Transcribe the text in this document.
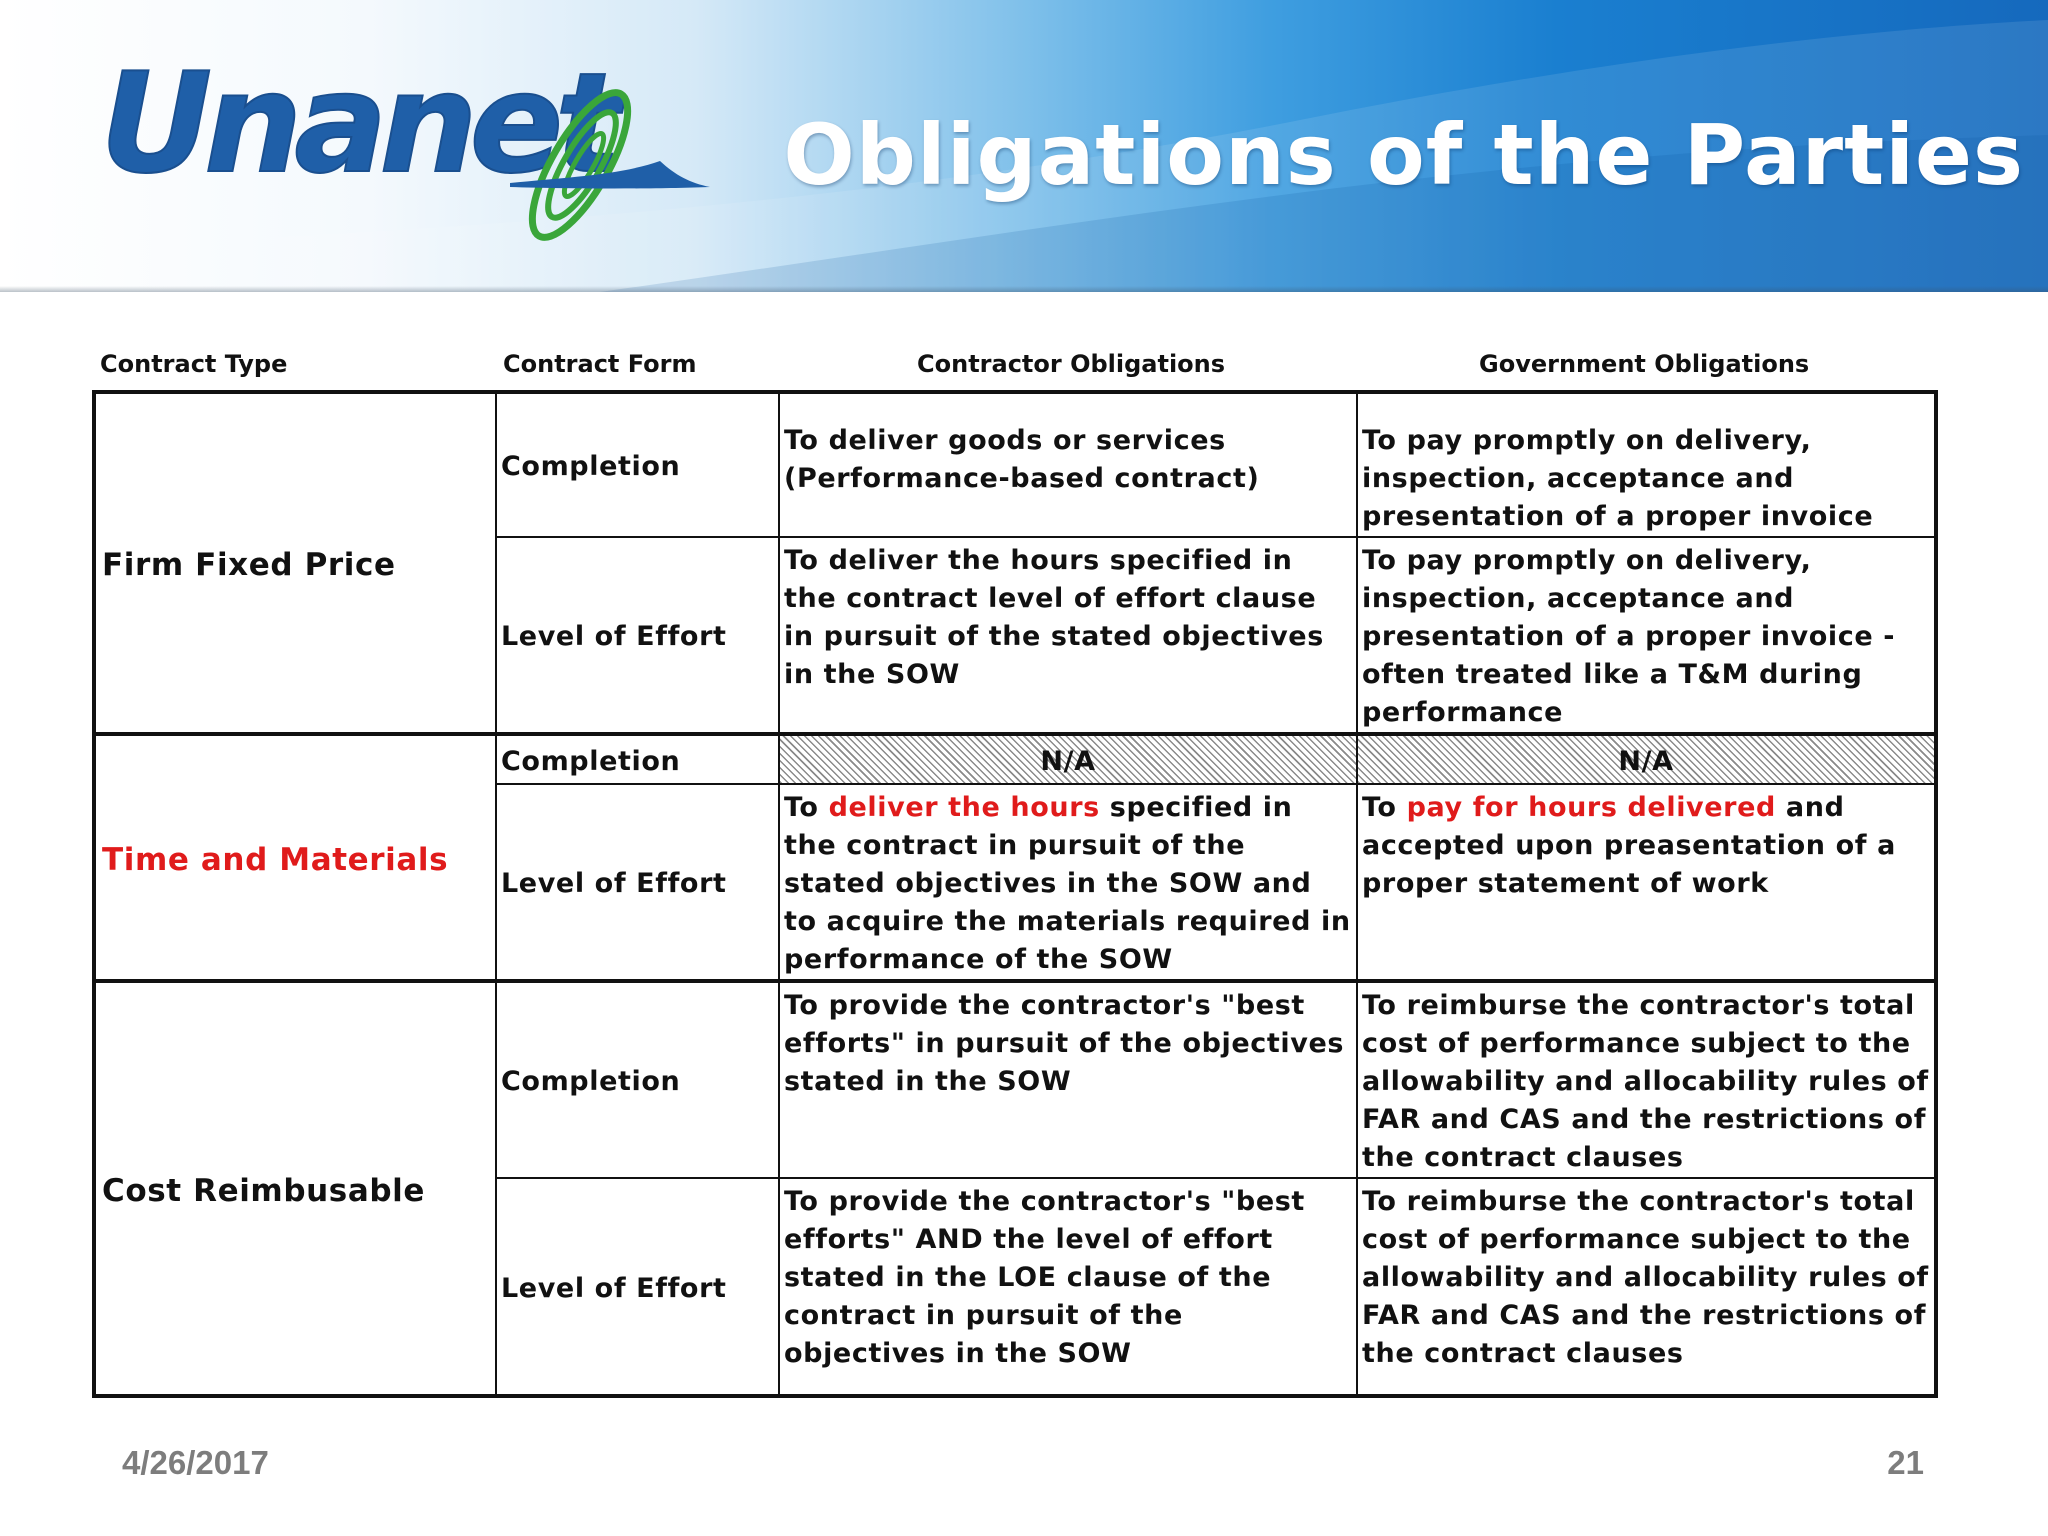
Unanet Obligations of the Parties
Contract Type	Contract Form	Contractor Obligations	Government Obligations
Firm Fixed Price	Completion	To deliver goods or services (Performance-based contract)	To pay promptly on delivery, inspection, acceptance and presentation of a proper invoice
	Level of Effort	To deliver the hours specified in the contract level of effort clause in pursuit of the stated objectives in the SOW	To pay promptly on delivery, inspection, acceptance and presentation of a proper invoice - often treated like a T&M during performance
Time and Materials	Completion	N/A	N/A
	Level of Effort	To deliver the hours specified in the contract in pursuit of the stated objectives in the SOW and to acquire the materials required in performance of the SOW	To pay for hours delivered and accepted upon preasentation of a proper statement of work
Cost Reimbusable	Completion	To provide the contractor's "best efforts" in pursuit of the objectives stated in the SOW	To reimburse the contractor's total cost of performance subject to the allowability and allocability rules of FAR and CAS and the restrictions of the contract clauses
	Level of Effort	To provide the contractor's "best efforts" AND the level of effort stated in the LOE clause of the contract in pursuit of the objectives in the SOW	To reimburse the contractor's total cost of performance subject to the allowability and allocability rules of FAR and CAS and the restrictions of the contract clauses
4/26/2017	21
